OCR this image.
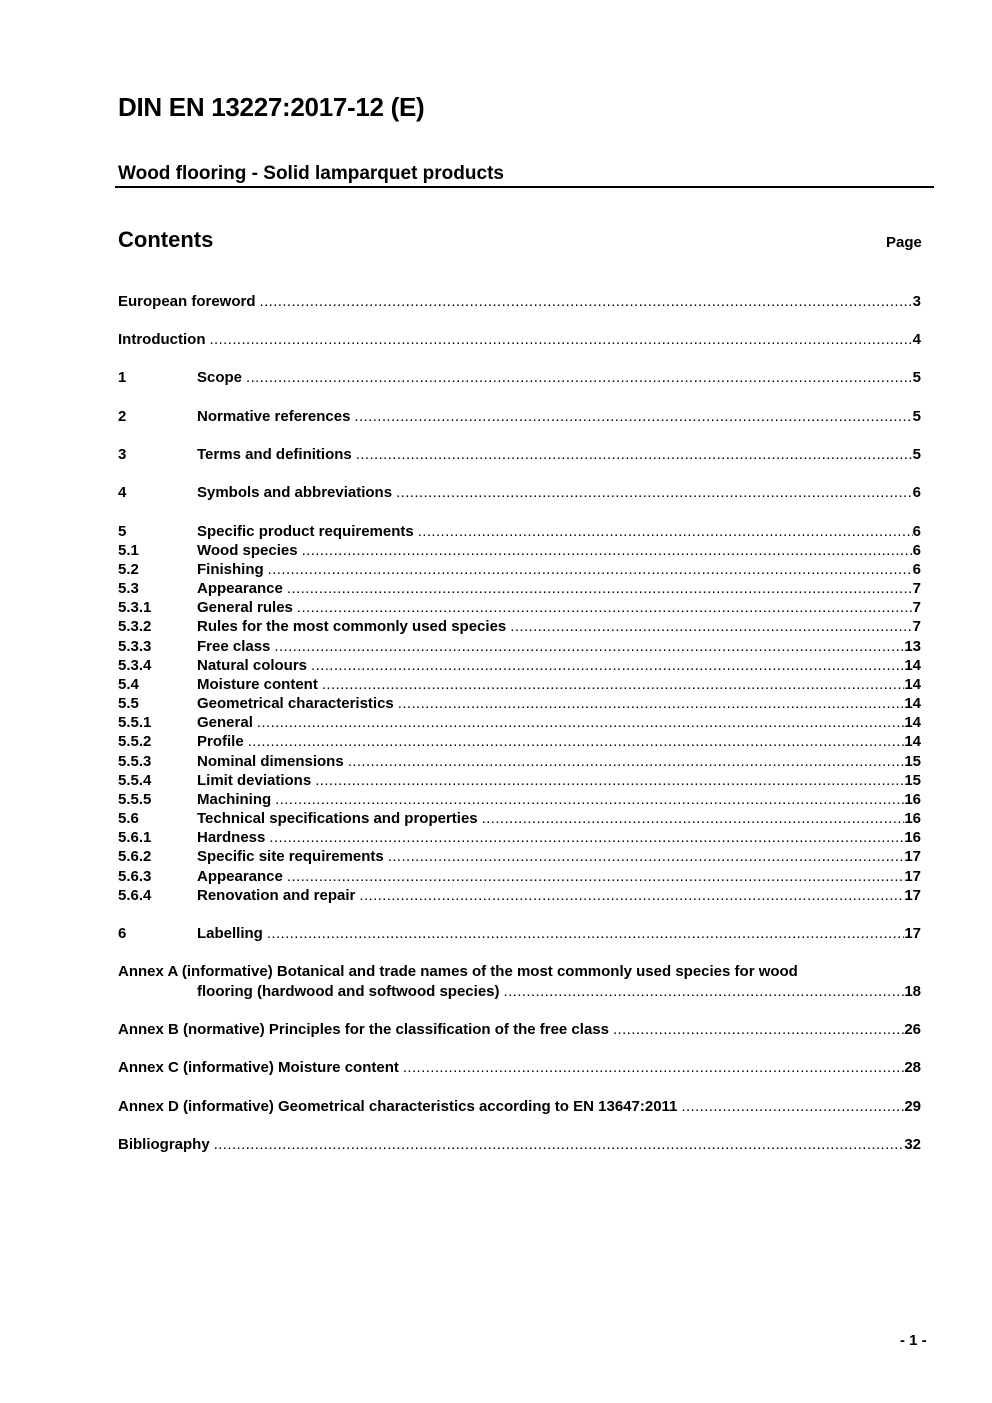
DIN EN 13227:2017-12 (E)
Wood flooring - Solid lamparquet products
Contents	Page
European foreword .....	3
Introduction .....	4
1	Scope .....	5
2	Normative references .....	5
3	Terms and definitions .....	5
4	Symbols and abbreviations .....	6
5	Specific product requirements .....	6
5.1	Wood species .....	6
5.2	Finishing .....	6
5.3	Appearance .....	7
5.3.1	General rules .....	7
5.3.2	Rules for the most commonly used species .....	7
5.3.3	Free class .....	13
5.3.4	Natural colours .....	14
5.4	Moisture content .....	14
5.5	Geometrical characteristics .....	14
5.5.1	General .....	14
5.5.2	Profile .....	14
5.5.3	Nominal dimensions .....	15
5.5.4	Limit deviations .....	15
5.5.5	Machining .....	16
5.6	Technical specifications and properties .....	16
5.6.1	Hardness .....	16
5.6.2	Specific site requirements .....	17
5.6.3	Appearance .....	17
5.6.4	Renovation and repair .....	17
6	Labelling .....	17
Annex A (informative) Botanical and trade names of the most commonly used species for wood
flooring (hardwood and softwood species) .....	18
Annex B (normative) Principles for the classification of the free class .....	26
Annex C (informative) Moisture content .....	28
Annex D (informative) Geometrical characteristics according to EN 13647:2011 .....	29
Bibliography .....	32
- 1 -
